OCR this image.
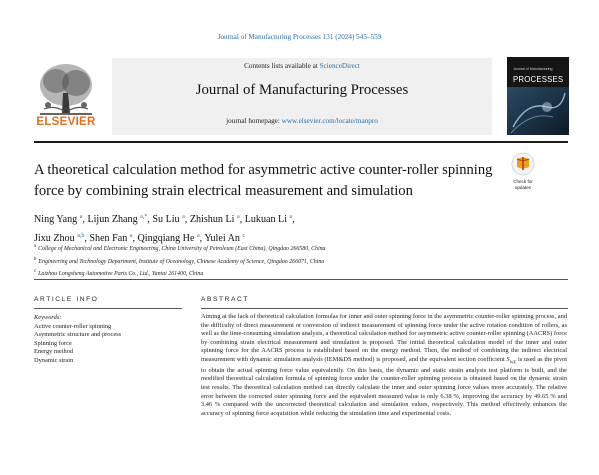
Journal of Manufacturing Processes 131 (2024) 545–559
Contents lists available at ScienceDirect
Journal of Manufacturing Processes
journal homepage: www.elsevier.com/locate/manpro
ELSEVIER
Journal of Manufacturing
PROCESSES
A theoretical calculation method for asymmetric active counter-roller spinning force by combining strain electrical measurement and simulation
Check for
updates
Ning Yang $^a$, Lijun Zhang $^{a,*}$, Su Liu $^a$, Zhishun Li $^a$, Lukuan Li $^a$,
Jixu Zhou $^{a,b}$, Shen Fan $^a$, Qingqiang He $^a$, Yulei An $^c$
$^a$ College of Mechanical and Electronic Engineering, China University of Petroleum (East China), Qingdao 266580, China
$^b$ Engineering and Technology Department, Institute of Oceanology, Chinese Academy of Science, Qingdao 266071, China
$^c$ Laizhou Longsheng Automotive Parts Co., Ltd., Yantai 261400, China
ARTICLE INFO	ABSTRACT
Keywords:
Active counter-roller spinning
Asymmetric structure and process
Spinning force
Energy method
Dynamic strain
Aiming at the lack of theoretical calculation formulas for inner and outer spinning force in the asymmetric counter-roller spinning process, and the difficulty of direct measurement or conversion of indirect measurement of spinning force under the active rotation condition of rollers, as well as the time-consuming simulation analysis, a theoretical calculation method for asymmetric active counter-roller spinning (AACRS) force by combining strain electrical measurement and simulation is proposed. The initial theoretical calculation model of the inner and outer spinning force for the AACRS process is established based on the energy method. Then, the method of combining the indirect electrical measurement with dynamic simulation analysis (IEM&DS method) is proposed, and the equivalent section coefficient $S_{WE}$ is used as the pivot to obtain the actual spinning force value equivalently. On this basis, the dynamic and static strain analysis test platform is built, and the modified theoretical calculation formula of spinning force under the counter-roller spinning process is obtained based on the dynamic strain test results. The theoretical calculation method can directly calculate the inner and outer spinning force values more accurately. The relative error between the corrected outer spinning force and the equivalent measured value is only 6.38 %, improving the accuracy by 49.65 % and 3.46 % compared with the uncorrected theoretical calculation and simulation values, respectively. This method effectively enhances the accuracy of spinning force acquisition while reducing the simulation time and experimental costs.
